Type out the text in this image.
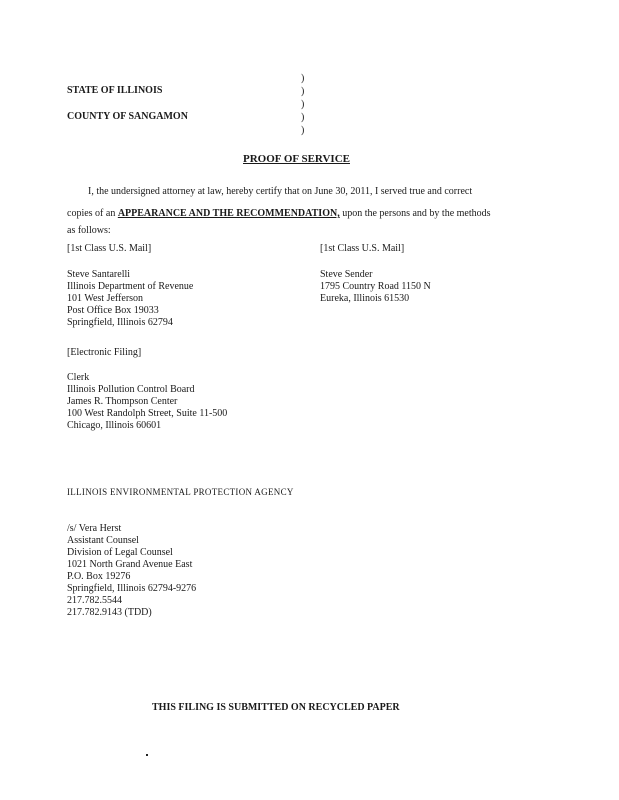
STATE OF ILLINOIS
COUNTY OF SANGAMON
)
)
)
)
)
PROOF OF SERVICE
I, the undersigned attorney at law, hereby certify that on June 30, 2011, I served true and correct
copies of an APPEARANCE AND THE RECOMMENDATION, upon the persons and by the methods
as follows:
[1st Class U.S. Mail]	[1st Class U.S. Mail]
Steve Santarelli
Illinois Department of Revenue
101 West Jefferson
Post Office Box 19033
Springfield, Illinois 62794
Steve Sender
1795 Country Road 1150 N
Eureka, Illinois 61530
[Electronic Filing]
Clerk
Illinois Pollution Control Board
James R. Thompson Center
100 West Randolph Street, Suite 11-500
Chicago, Illinois 60601
ILLINOIS ENVIRONMENTAL PROTECTION AGENCY
/s/ Vera Herst
Assistant Counsel
Division of Legal Counsel
1021 North Grand Avenue East
P.O. Box 19276
Springfield, Illinois 62794-9276
217.782.5544
217.782.9143 (TDD)
THIS FILING IS SUBMITTED ON RECYCLED PAPER
